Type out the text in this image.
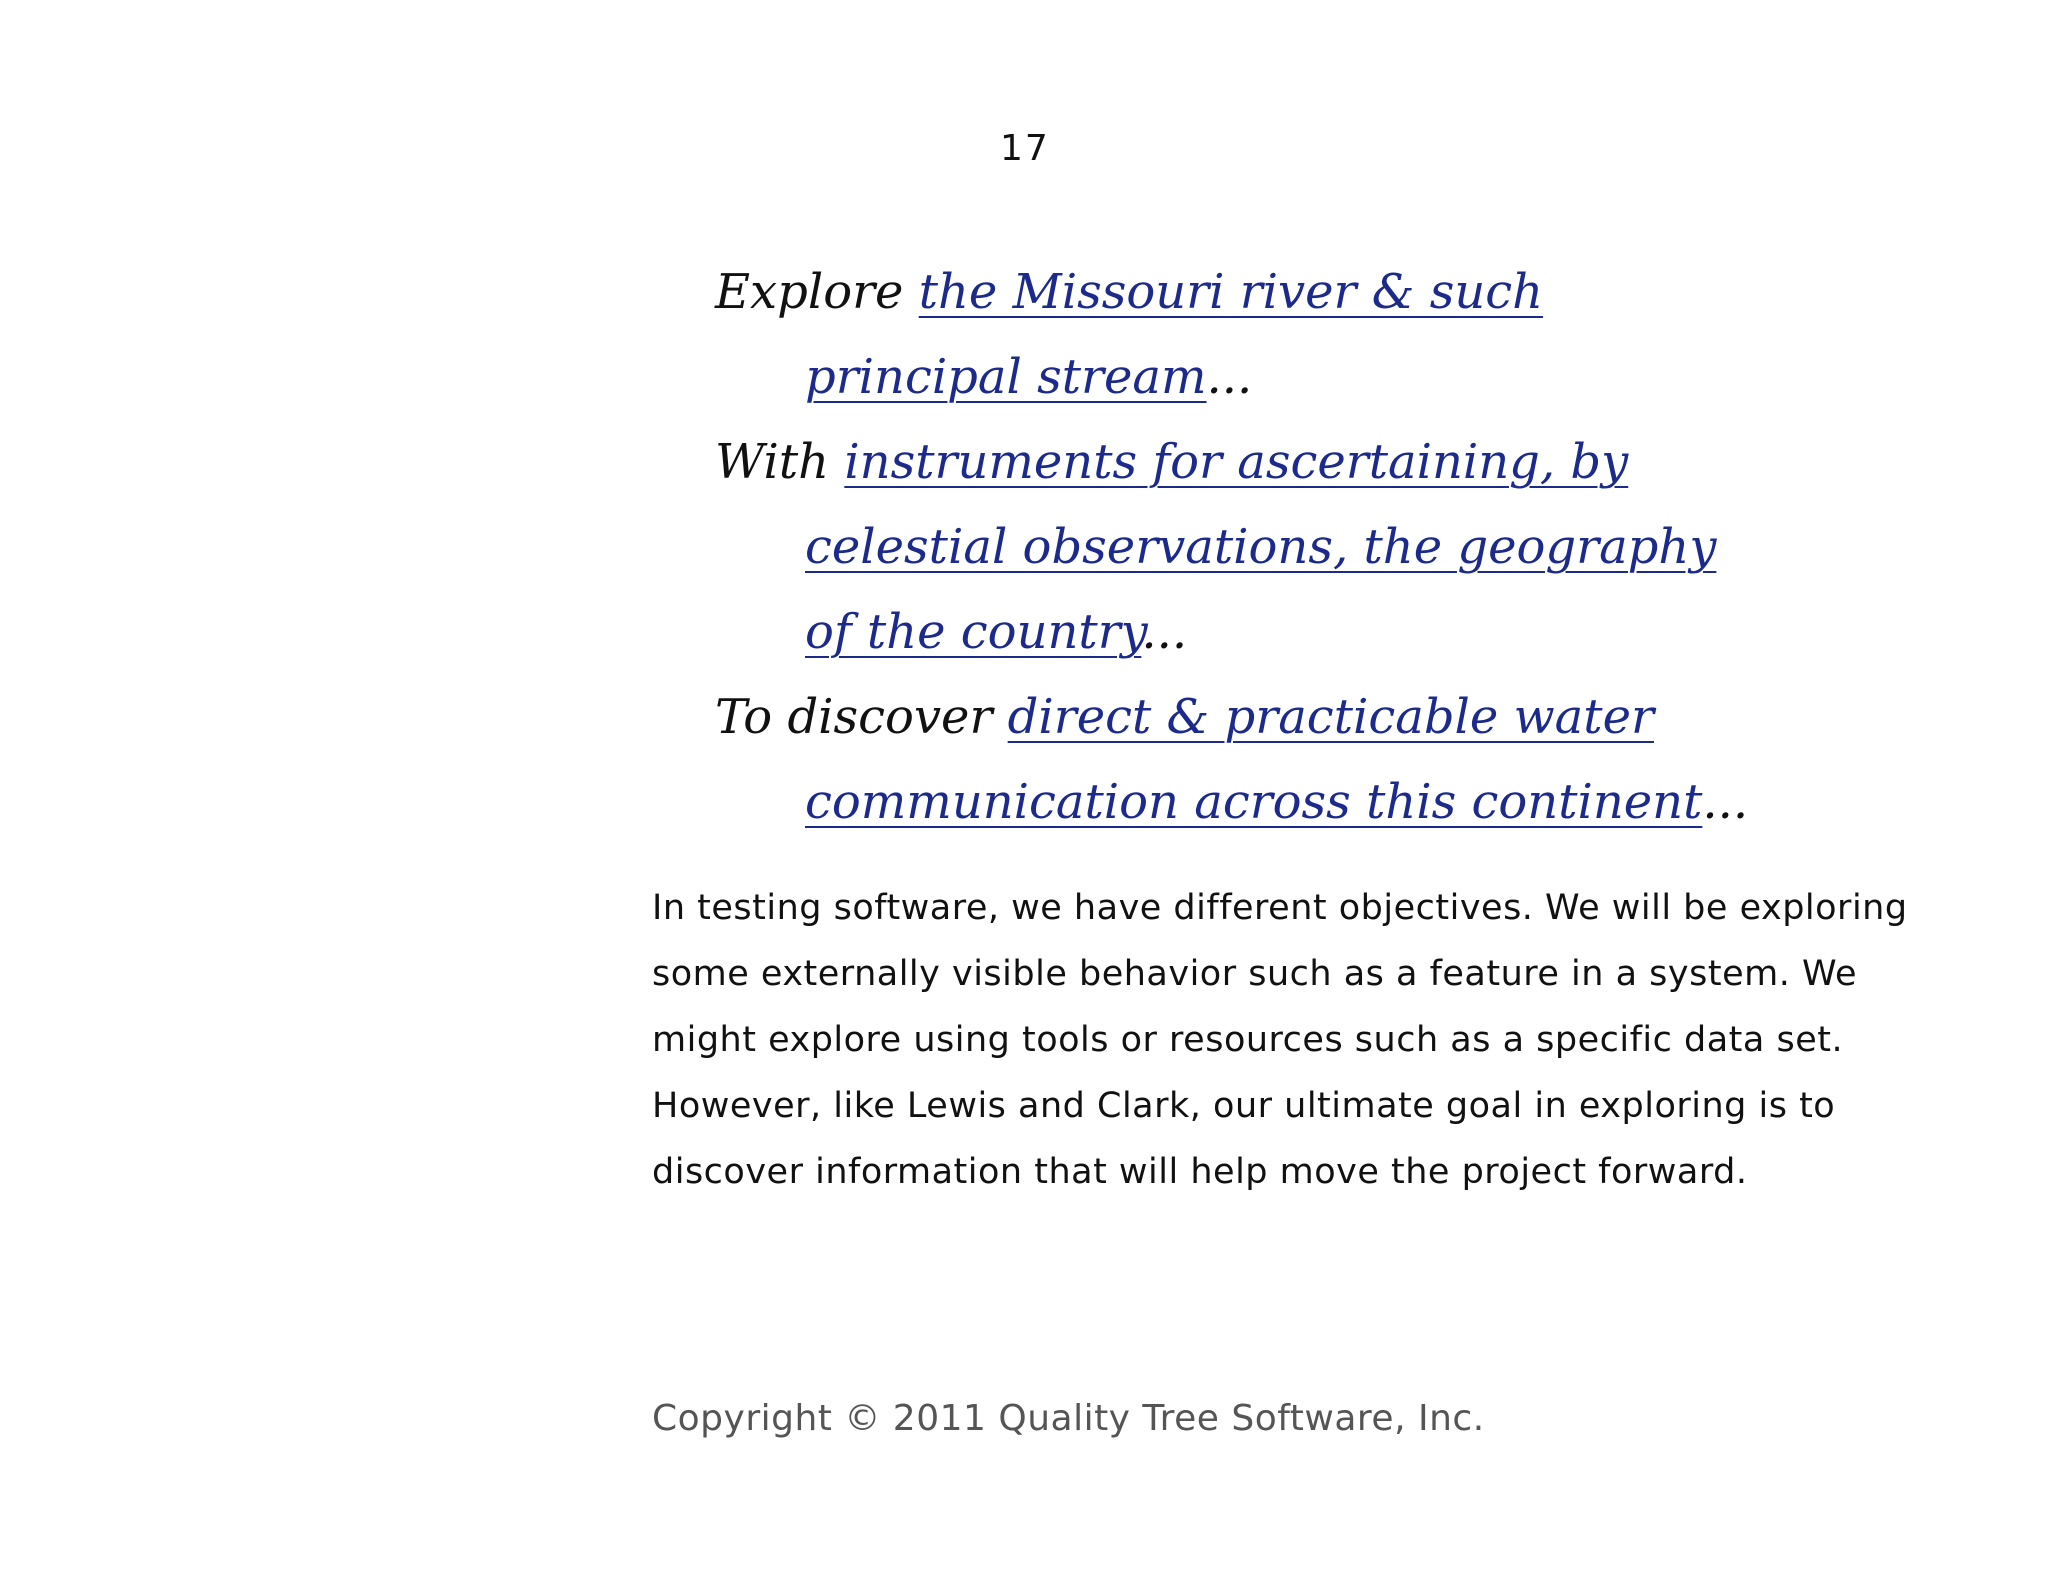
17
Explore the Missouri river & such
principal stream...
With instruments for ascertaining, by
celestial observations, the geography
of the country...
To discover direct & practicable water
communication across this continent...
In testing software, we have different objectives. We will be exploring some externally visible behavior such as a feature in a system. We might explore using tools or resources such as a specific data set. However, like Lewis and Clark, our ultimate goal in exploring is to discover information that will help move the project forward.
Copyright © 2011 Quality Tree Software, Inc.
